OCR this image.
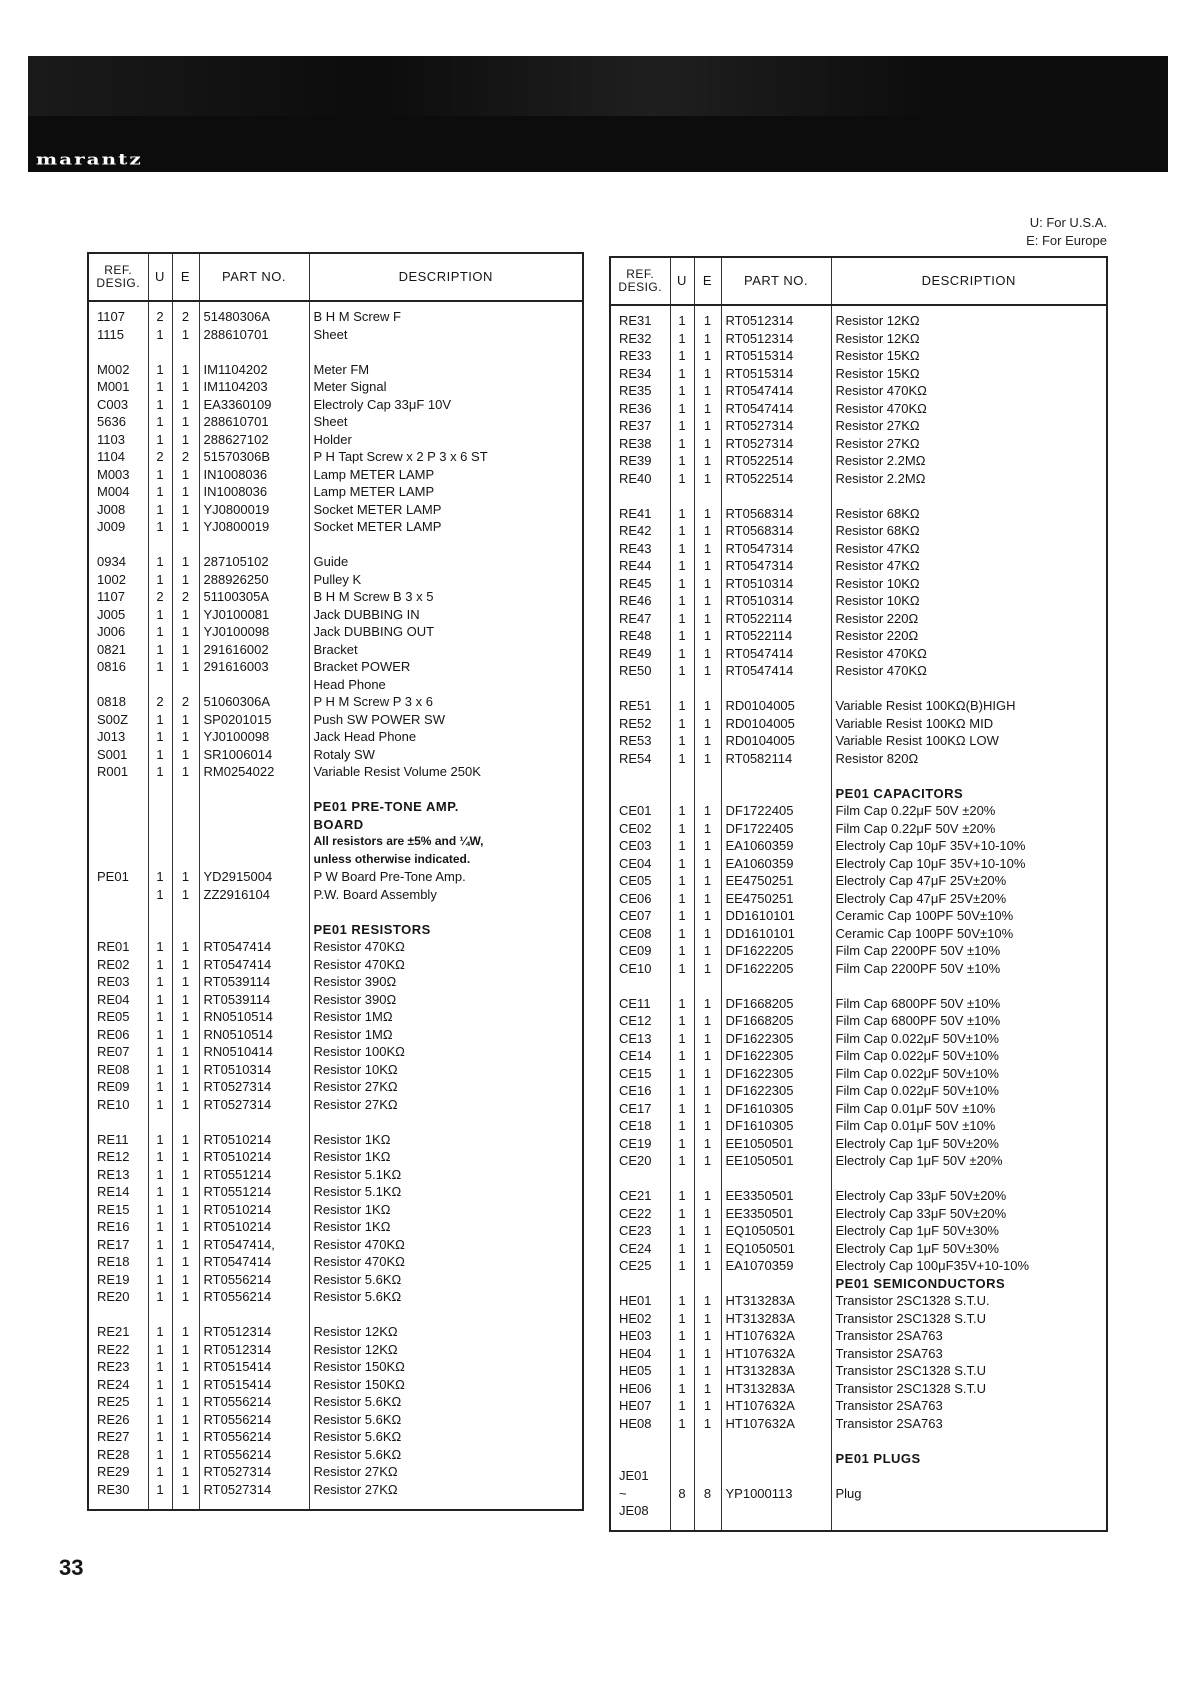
marantz
U: For U.S.A.
E: For Europe
REF.
DESIG.	U	E	PART NO.	DESCRIPTION
1107	2	2	51480306A	B H M Screw F
1115	1	1	288610701	Sheet

M002	1	1	IM1104202	Meter FM
M001	1	1	IM1104203	Meter Signal
C003	1	1	EA3360109	Electroly Cap 33μF 10V
5636	1	1	288610701	Sheet
1103	1	1	288627102	Holder
1104	2	2	51570306B	P H Tapt Screw x 2 P 3 x 6 ST
M003	1	1	IN1008036	Lamp METER LAMP
M004	1	1	IN1008036	Lamp METER LAMP
J008	1	1	YJ0800019	Socket METER LAMP
J009	1	1	YJ0800019	Socket METER LAMP

0934	1	1	287105102	Guide
1002	1	1	288926250	Pulley K
1107	2	2	51100305A	B H M Screw B 3 x 5
J005	1	1	YJ0100081	Jack DUBBING IN
J006	1	1	YJ0100098	Jack DUBBING OUT
0821	1	1	291616002	Bracket
0816	1	1	291616003	Bracket POWER
				Head Phone
0818	2	2	51060306A	P H M Screw P 3 x 6
S00Z	1	1	SP0201015	Push SW POWER SW
J013	1	1	YJ0100098	Jack Head Phone
S001	1	1	SR1006014	Rotaly SW
R001	1	1	RM0254022	Variable Resist Volume 250K

				PE01 PRE-TONE AMP.
				BOARD
				All resistors are ±5% and ¼W,
				unless otherwise indicated.
PE01	1	1	YD2915004	P W Board Pre-Tone Amp.
	1	1	ZZ2916104	P.W. Board Assembly

				PE01 RESISTORS
RE01	1	1	RT0547414	Resistor 470KΩ
RE02	1	1	RT0547414	Resistor 470KΩ
RE03	1	1	RT0539114	Resistor 390Ω
RE04	1	1	RT0539114	Resistor 390Ω
RE05	1	1	RN0510514	Resistor 1MΩ
RE06	1	1	RN0510514	Resistor 1MΩ
RE07	1	1	RN0510414	Resistor 100KΩ
RE08	1	1	RT0510314	Resistor 10KΩ
RE09	1	1	RT0527314	Resistor 27KΩ
RE10	1	1	RT0527314	Resistor 27KΩ

RE11	1	1	RT0510214	Resistor 1KΩ
RE12	1	1	RT0510214	Resistor 1KΩ
RE13	1	1	RT0551214	Resistor 5.1KΩ
RE14	1	1	RT0551214	Resistor 5.1KΩ
RE15	1	1	RT0510214	Resistor 1KΩ
RE16	1	1	RT0510214	Resistor 1KΩ
RE17	1	1	RT0547414,	Resistor 470KΩ
RE18	1	1	RT0547414	Resistor 470KΩ
RE19	1	1	RT0556214	Resistor 5.6KΩ
RE20	1	1	RT0556214	Resistor 5.6KΩ

RE21	1	1	RT0512314	Resistor 12KΩ
RE22	1	1	RT0512314	Resistor 12KΩ
RE23	1	1	RT0515414	Resistor 150KΩ
RE24	1	1	RT0515414	Resistor 150KΩ
RE25	1	1	RT0556214	Resistor 5.6KΩ
RE26	1	1	RT0556214	Resistor 5.6KΩ
RE27	1	1	RT0556214	Resistor 5.6KΩ
RE28	1	1	RT0556214	Resistor 5.6KΩ
RE29	1	1	RT0527314	Resistor 27KΩ
RE30	1	1	RT0527314	Resistor 27KΩ
REF.
DESIG.	U	E	PART NO.	DESCRIPTION
RE31	1	1	RT0512314	Resistor 12KΩ
RE32	1	1	RT0512314	Resistor 12KΩ
RE33	1	1	RT0515314	Resistor 15KΩ
RE34	1	1	RT0515314	Resistor 15KΩ
RE35	1	1	RT0547414	Resistor 470KΩ
RE36	1	1	RT0547414	Resistor 470KΩ
RE37	1	1	RT0527314	Resistor 27KΩ
RE38	1	1	RT0527314	Resistor 27KΩ
RE39	1	1	RT0522514	Resistor 2.2MΩ
RE40	1	1	RT0522514	Resistor 2.2MΩ

RE41	1	1	RT0568314	Resistor 68KΩ
RE42	1	1	RT0568314	Resistor 68KΩ
RE43	1	1	RT0547314	Resistor 47KΩ
RE44	1	1	RT0547314	Resistor 47KΩ
RE45	1	1	RT0510314	Resistor 10KΩ
RE46	1	1	RT0510314	Resistor 10KΩ
RE47	1	1	RT0522114	Resistor 220Ω
RE48	1	1	RT0522114	Resistor 220Ω
RE49	1	1	RT0547414	Resistor 470KΩ
RE50	1	1	RT0547414	Resistor 470KΩ

RE51	1	1	RD0104005	Variable Resist 100KΩ(B)HIGH
RE52	1	1	RD0104005	Variable Resist 100KΩ MID
RE53	1	1	RD0104005	Variable Resist 100KΩ LOW
RE54	1	1	RT0582114	Resistor 820Ω

				PE01 CAPACITORS
CE01	1	1	DF1722405	Film Cap 0.22μF 50V ±20%
CE02	1	1	DF1722405	Film Cap 0.22μF 50V ±20%
CE03	1	1	EA1060359	Electroly Cap 10μF 35V+10-10%
CE04	1	1	EA1060359	Electroly Cap 10μF 35V+10-10%
CE05	1	1	EE4750251	Electroly Cap 47μF 25V±20%
CE06	1	1	EE4750251	Electroly Cap 47μF 25V±20%
CE07	1	1	DD1610101	Ceramic Cap 100PF 50V±10%
CE08	1	1	DD1610101	Ceramic Cap 100PF 50V±10%
CE09	1	1	DF1622205	Film Cap 2200PF 50V ±10%
CE10	1	1	DF1622205	Film Cap 2200PF 50V ±10%

CE11	1	1	DF1668205	Film Cap 6800PF 50V ±10%
CE12	1	1	DF1668205	Film Cap 6800PF 50V ±10%
CE13	1	1	DF1622305	Film Cap 0.022μF 50V±10%
CE14	1	1	DF1622305	Film Cap 0.022μF 50V±10%
CE15	1	1	DF1622305	Film Cap 0.022μF 50V±10%
CE16	1	1	DF1622305	Film Cap 0.022μF 50V±10%
CE17	1	1	DF1610305	Film Cap 0.01μF 50V ±10%
CE18	1	1	DF1610305	Film Cap 0.01μF 50V ±10%
CE19	1	1	EE1050501	Electroly Cap 1μF 50V±20%
CE20	1	1	EE1050501	Electroly Cap 1μF 50V ±20%

CE21	1	1	EE3350501	Electroly Cap 33μF 50V±20%
CE22	1	1	EE3350501	Electroly Cap 33μF 50V±20%
CE23	1	1	EQ1050501	Electroly Cap 1μF 50V±30%
CE24	1	1	EQ1050501	Electroly Cap 1μF 50V±30%
CE25	1	1	EA1070359	Electroly Cap 100μF35V+10-10%
				PE01 SEMICONDUCTORS
HE01	1	1	HT313283A	Transistor 2SC1328 S.T.U.
HE02	1	1	HT313283A	Transistor 2SC1328 S.T.U
HE03	1	1	HT107632A	Transistor 2SA763
HE04	1	1	HT107632A	Transistor 2SA763
HE05	1	1	HT313283A	Transistor 2SC1328 S.T.U
HE06	1	1	HT313283A	Transistor 2SC1328 S.T.U
HE07	1	1	HT107632A	Transistor 2SA763
HE08	1	1	HT107632A	Transistor 2SA763

				PE01 PLUGS
JE01				
~	8	8	YP1000113	Plug
JE08				
33
